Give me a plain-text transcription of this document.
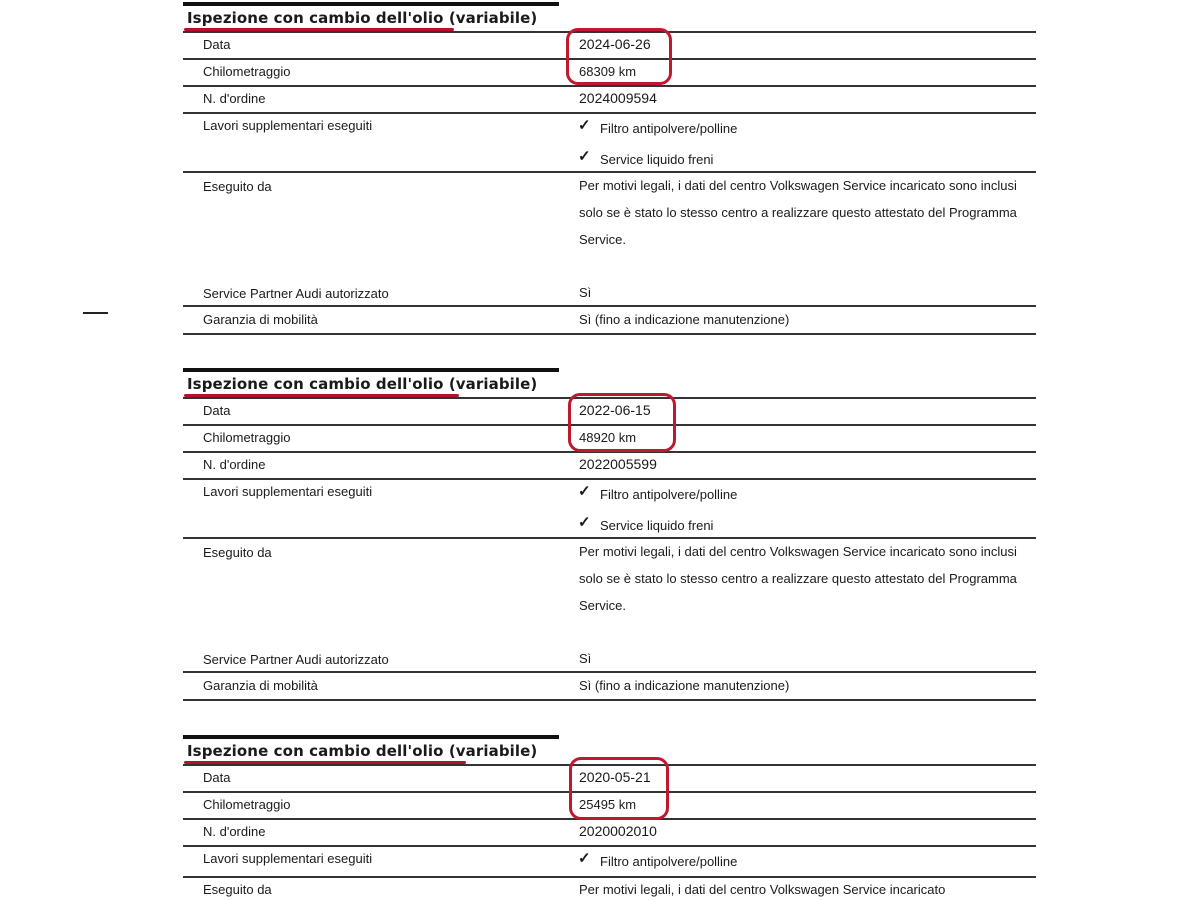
Ispezione con cambio dell'olio (variabile)
Data	2024-06-26
Chilometraggio	68309 km
N. d'ordine	2024009594
Lavori supplementari eseguiti	✓ Filtro antipolvere/polline
✓ Service liquido freni
Eseguito da	Per motivi legali, i dati del centro Volkswagen Service incaricato sono inclusi solo se è stato lo stesso centro a realizzare questo attestato del Programma Service.
Service Partner Audi autorizzato	Sì
Garanzia di mobilità	Sì (fino a indicazione manutenzione)
Ispezione con cambio dell'olio (variabile)
Data	2022-06-15
Chilometraggio	48920 km
N. d'ordine	2022005599
Lavori supplementari eseguiti	✓ Filtro antipolvere/polline
✓ Service liquido freni
Eseguito da	Per motivi legali, i dati del centro Volkswagen Service incaricato sono inclusi solo se è stato lo stesso centro a realizzare questo attestato del Programma Service.
Service Partner Audi autorizzato	Sì
Garanzia di mobilità	Sì (fino a indicazione manutenzione)
Ispezione con cambio dell'olio (variabile)
Data	2020-05-21
Chilometraggio	25495 km
N. d'ordine	2020002010
Lavori supplementari eseguiti	✓ Filtro antipolvere/polline
Eseguito da	Per motivi legali, i dati del centro Volkswagen Service incaricato
